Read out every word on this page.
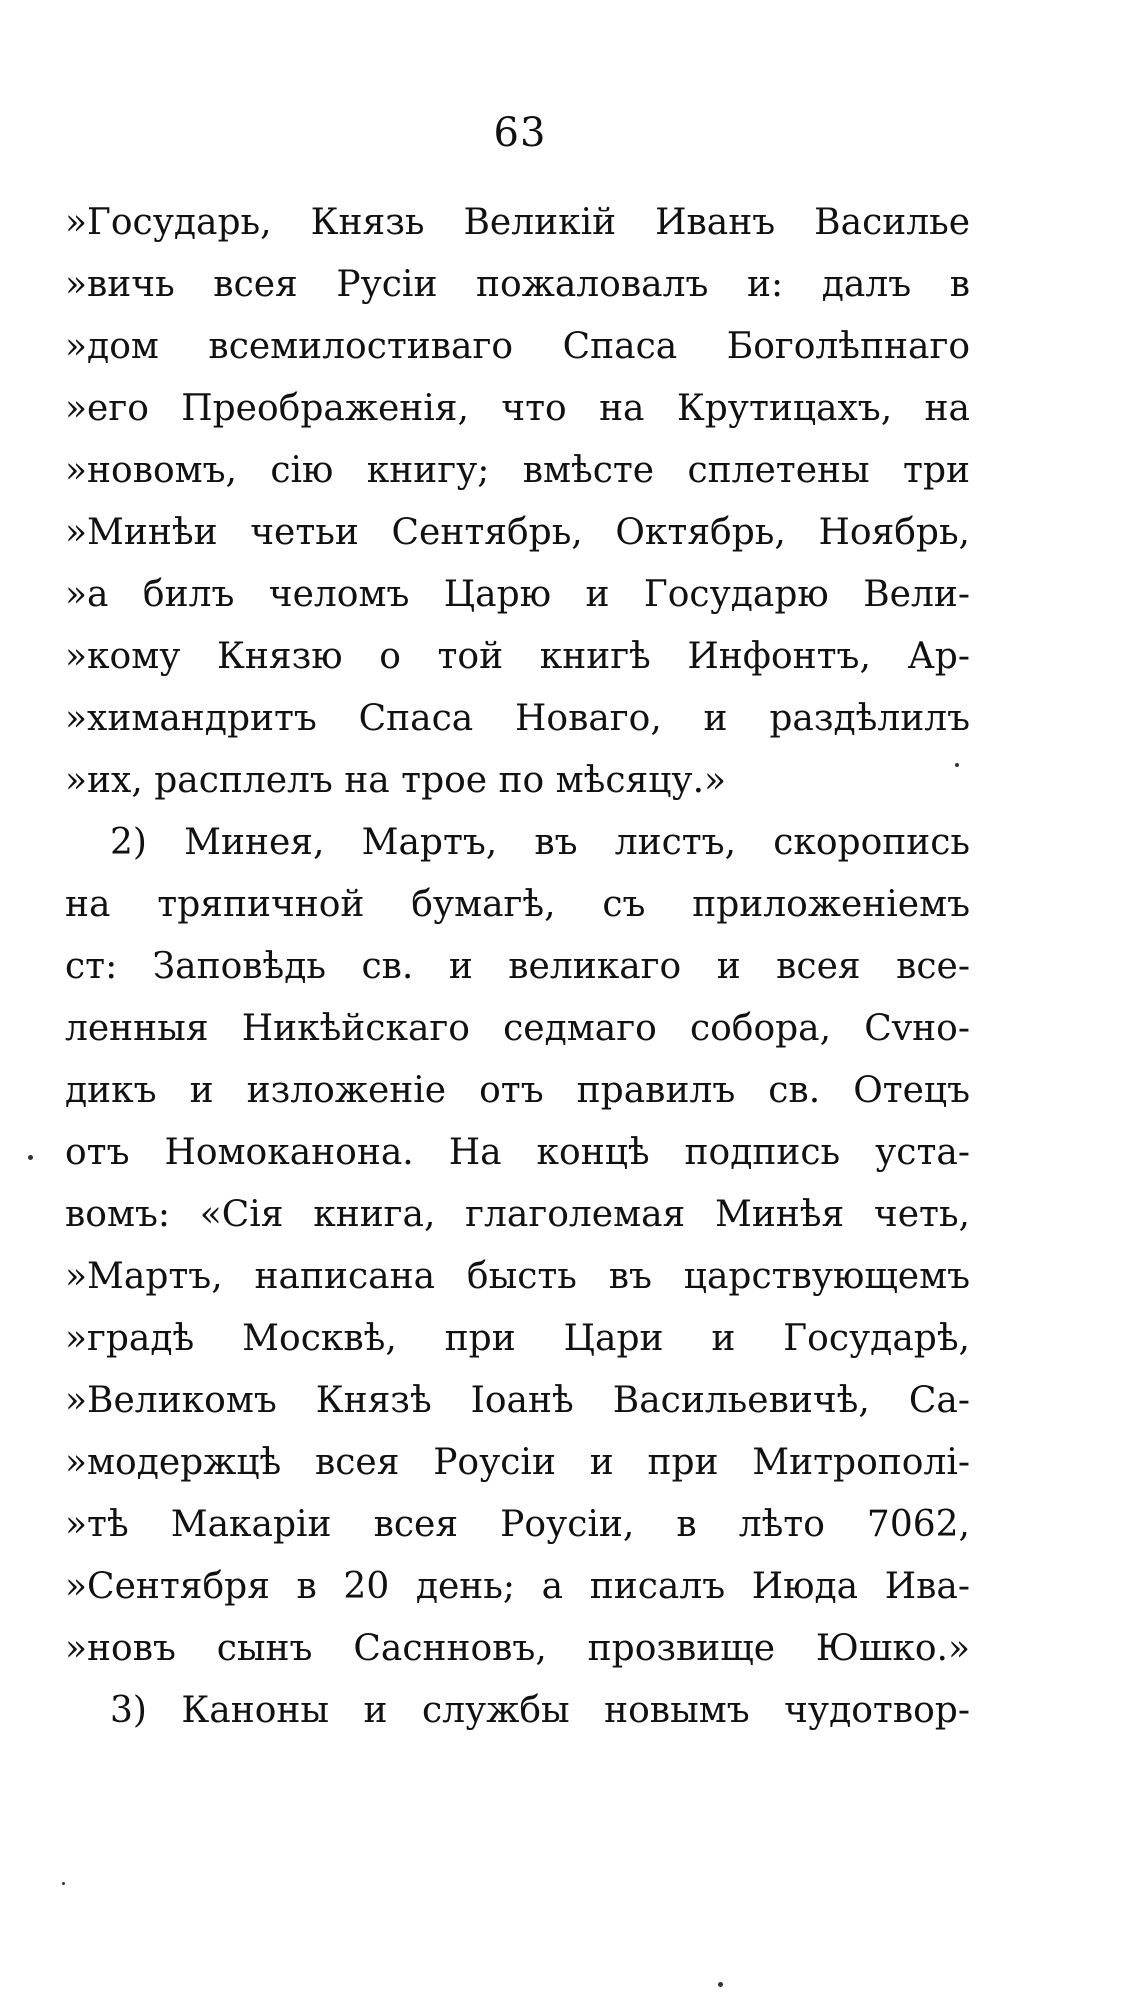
63
»Государь, Князь Великій Иванъ Василье
»вичь всея Русіи пожаловалъ и: далъ в
»дом всемилостиваго Спаса Боголѣпнаго
»его Преображенія, что на Крутицахъ, на
»новомъ, сію книгу; вмѣсте сплетены три
»Минѣи четьи Сентябрь, Октябрь, Ноябрь,
»а билъ челомъ Царю и Государю Вели-
»кому Князю о той книгѣ Инфонтъ, Ар-
»химандритъ Спаса Новаго, и раздѣлилъ
»их, расплелъ на трое по мѣсяцу.»
2) Минея, Мартъ, въ листъ, скоропись
на тряпичной бумагѣ, съ приложеніемъ
ст: Заповѣдь св. и великаго и всея все-
ленныя Никѣйскаго седмаго собора, Сvно-
дикъ и изложеніе отъ правилъ св. Отецъ
отъ Номоканона. На концѣ подпись уста-
вомъ: «Сія книга, глаголемая Минѣя четь,
»Мартъ, написана бысть въ царствующемъ
»градѣ Москвѣ, при Цари и Государѣ,
»Великомъ Князѣ Іоанѣ Васильевичѣ, Са-
»модержцѣ всея Роусіи и при Митрополі-
»тѣ Макаріи всея Роусіи, в лѣто 7062,
»Сентября в 20 день; а писалъ Июда Ива-
»новъ сынъ Саснновъ, прозвище Юшко.»
3) Каноны и службы новымъ чудотвор-
